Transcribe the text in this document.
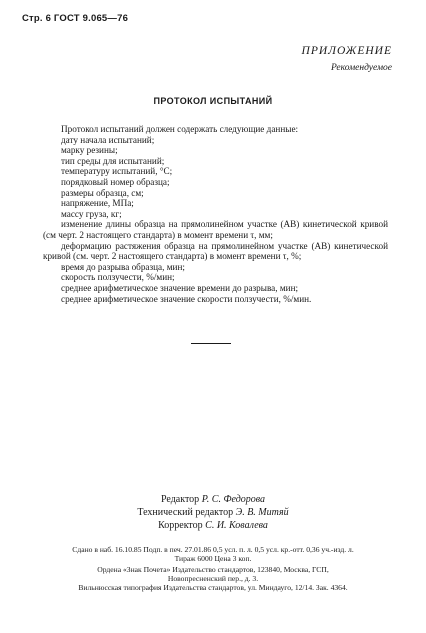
Стр. 6 ГОСТ 9.065—76
ПРИЛОЖЕНИЕ
Рекомендуемое
ПРОТОКОЛ ИСПЫТАНИЙ
Протокол испытаний должен содержать следующие данные:
дату начала испытаний;
марку резины;
тип среды для испытаний;
температуру испытаний, °С;
порядковый номер образца;
размеры образца, см;
напряжение, МПа;
массу груза, кг;
изменение длины образца на прямолинейном участке (АВ) кинетической кривой (см черт. 2 настоящего стандарта) в момент времени τ, мм;
деформацию растяжения образца на прямолинейном участке (АВ) кинетической кривой (см. черт. 2 настоящего стандарта) в момент времени τ, %;
время до разрыва образца, мин;
скорость ползучести, %/мин;
среднее арифметическое значение времени до разрыва, мин;
среднее арифметическое значение скорости ползучести, %/мин.
Редактор Р. С. Федорова
Технический редактор Э. В. Митяй
Корректор С. И. Ковалева
Сдано в наб. 16.10.85 Подп. в печ. 27.01.86 0,5 усл. п. л. 0,5 усл. кр.-отт. 0,36 уч.-изд. л.
Тираж 6000 Цена 3 коп.
Ордена «Знак Почета» Издательство стандартов, 123840, Москва, ГСП,
Новопресненский пер., д. 3.
Вильнюсская типография Издательства стандартов, ул. Миндауго, 12/14. Зак. 4364.
